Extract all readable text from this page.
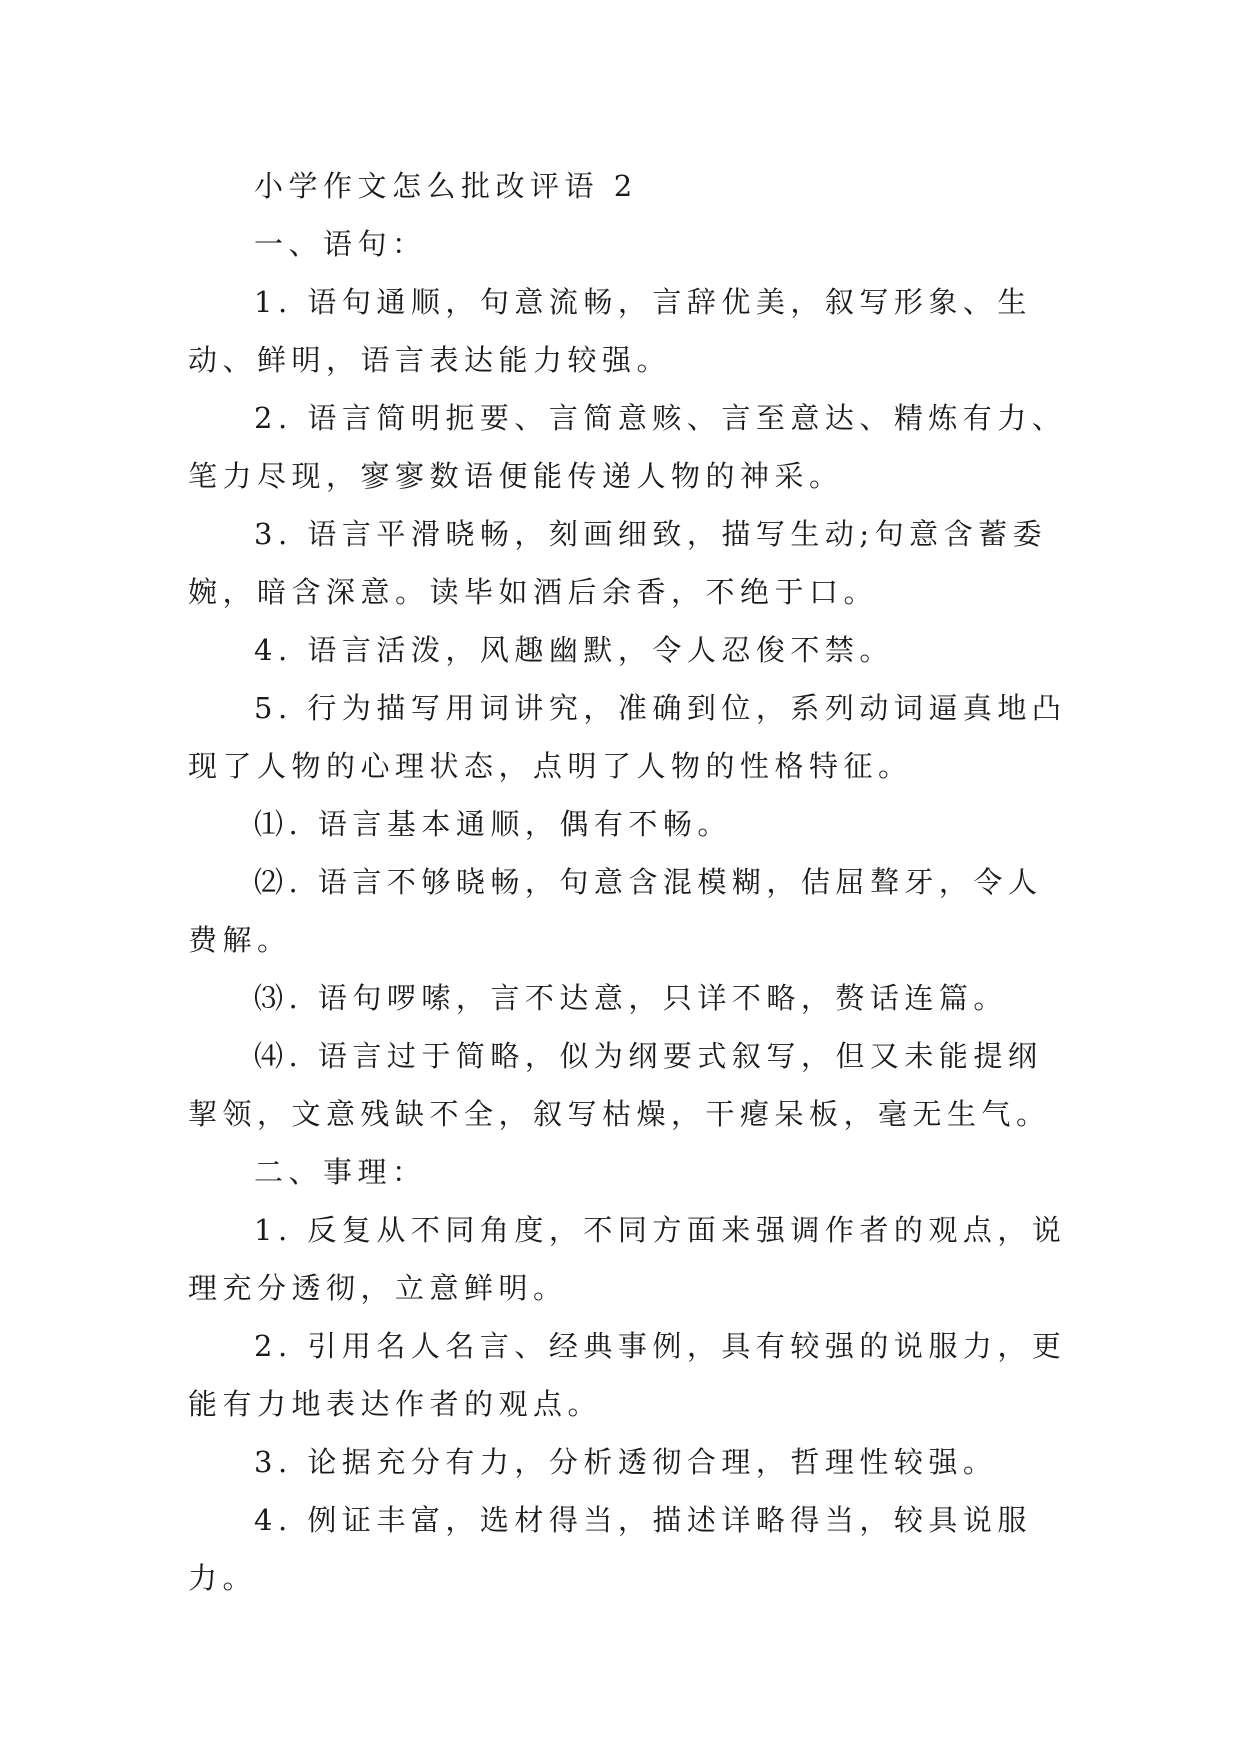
小学作文怎么批改评语 2

一、语句：

1. 语句通顺，句意流畅，言辞优美，叙写形象、生动、鲜明，语言表达能力较强。

2. 语言简明扼要、言简意赅、言至意达、精炼有力、笔力尽现，寥寥数语便能传递人物的神采。

3. 语言平滑晓畅，刻画细致，描写生动;句意含蓄委婉，暗含深意。读毕如酒后余香，不绝于口。

4. 语言活泼，风趣幽默，令人忍俊不禁。

5. 行为描写用词讲究，准确到位，系列动词逼真地凸现了人物的心理状态，点明了人物的性格特征。

⑴. 语言基本通顺，偶有不畅。

⑵. 语言不够晓畅，句意含混模糊，佶屈聱牙，令人费解。

⑶. 语句啰嗦，言不达意，只详不略，赘话连篇。

⑷. 语言过于简略，似为纲要式叙写，但又未能提纲挈领，文意残缺不全，叙写枯燥，干瘪呆板，毫无生气。

二、事理：

1. 反复从不同角度，不同方面来强调作者的观点，说理充分透彻，立意鲜明。

2. 引用名人名言、经典事例，具有较强的说服力，更能有力地表达作者的观点。

3. 论据充分有力，分析透彻合理，哲理性较强。

4. 例证丰富，选材得当，描述详略得当，较具说服力。
